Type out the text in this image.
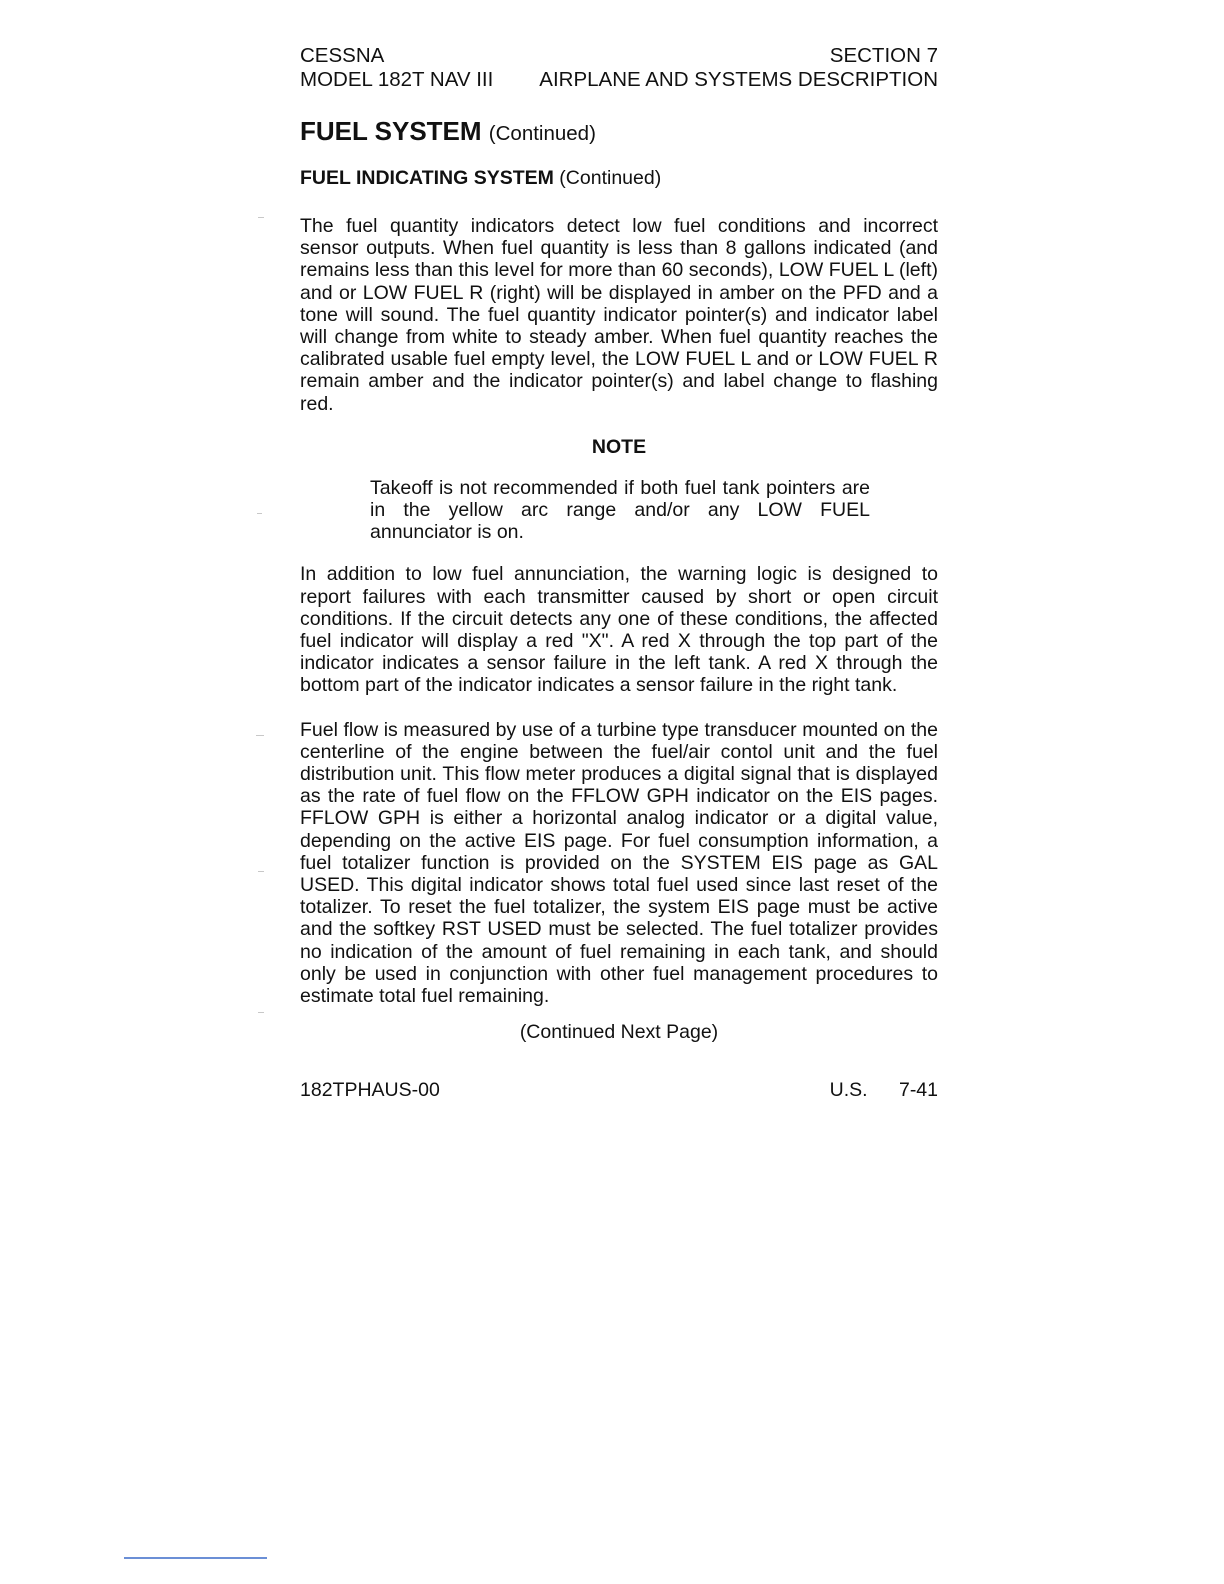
CESSNA	SECTION 7
MODEL 182T NAV III AIRPLANE AND SYSTEMS DESCRIPTION
FUEL SYSTEM (Continued)
FUEL INDICATING SYSTEM (Continued)

The fuel quantity indicators detect low fuel conditions and incorrect sensor outputs. When fuel quantity is less than 8 gallons indicated (and remains less than this level for more than 60 seconds), LOW FUEL L (left) and or LOW FUEL R (right) will be displayed in amber on the PFD and a tone will sound. The fuel quantity indicator pointer(s) and indicator label will change from white to steady amber. When fuel quantity reaches the calibrated usable fuel empty level, the LOW FUEL L and or LOW FUEL R remain amber and the indicator pointer(s) and label change to flashing red.

NOTE

Takeoff is not recommended if both fuel tank pointers are in the yellow arc range and/or any LOW FUEL annunciator is on.

In addition to low fuel annunciation, the warning logic is designed to report failures with each transmitter caused by short or open circuit conditions. If the circuit detects any one of these conditions, the affected fuel indicator will display a red "X". A red X through the top part of the indicator indicates a sensor failure in the left tank. A red X through the bottom part of the indicator indicates a sensor failure in the right tank.

Fuel flow is measured by use of a turbine type transducer mounted on the centerline of the engine between the fuel/air contol unit and the fuel distribution unit. This flow meter produces a digital signal that is displayed as the rate of fuel flow on the FFLOW GPH indicator on the EIS pages. FFLOW GPH is either a horizontal analog indicator or a digital value, depending on the active EIS page. For fuel consumption information, a fuel totalizer function is provided on the SYSTEM EIS page as GAL USED. This digital indicator shows total fuel used since last reset of the totalizer. To reset the fuel totalizer, the system EIS page must be active and the softkey RST USED must be selected. The fuel totalizer provides no indication of the amount of fuel remaining in each tank, and should only be used in conjunction with other fuel management procedures to estimate total fuel remaining.

(Continued Next Page)
182TPHAUS-00	U.S. 7-41
